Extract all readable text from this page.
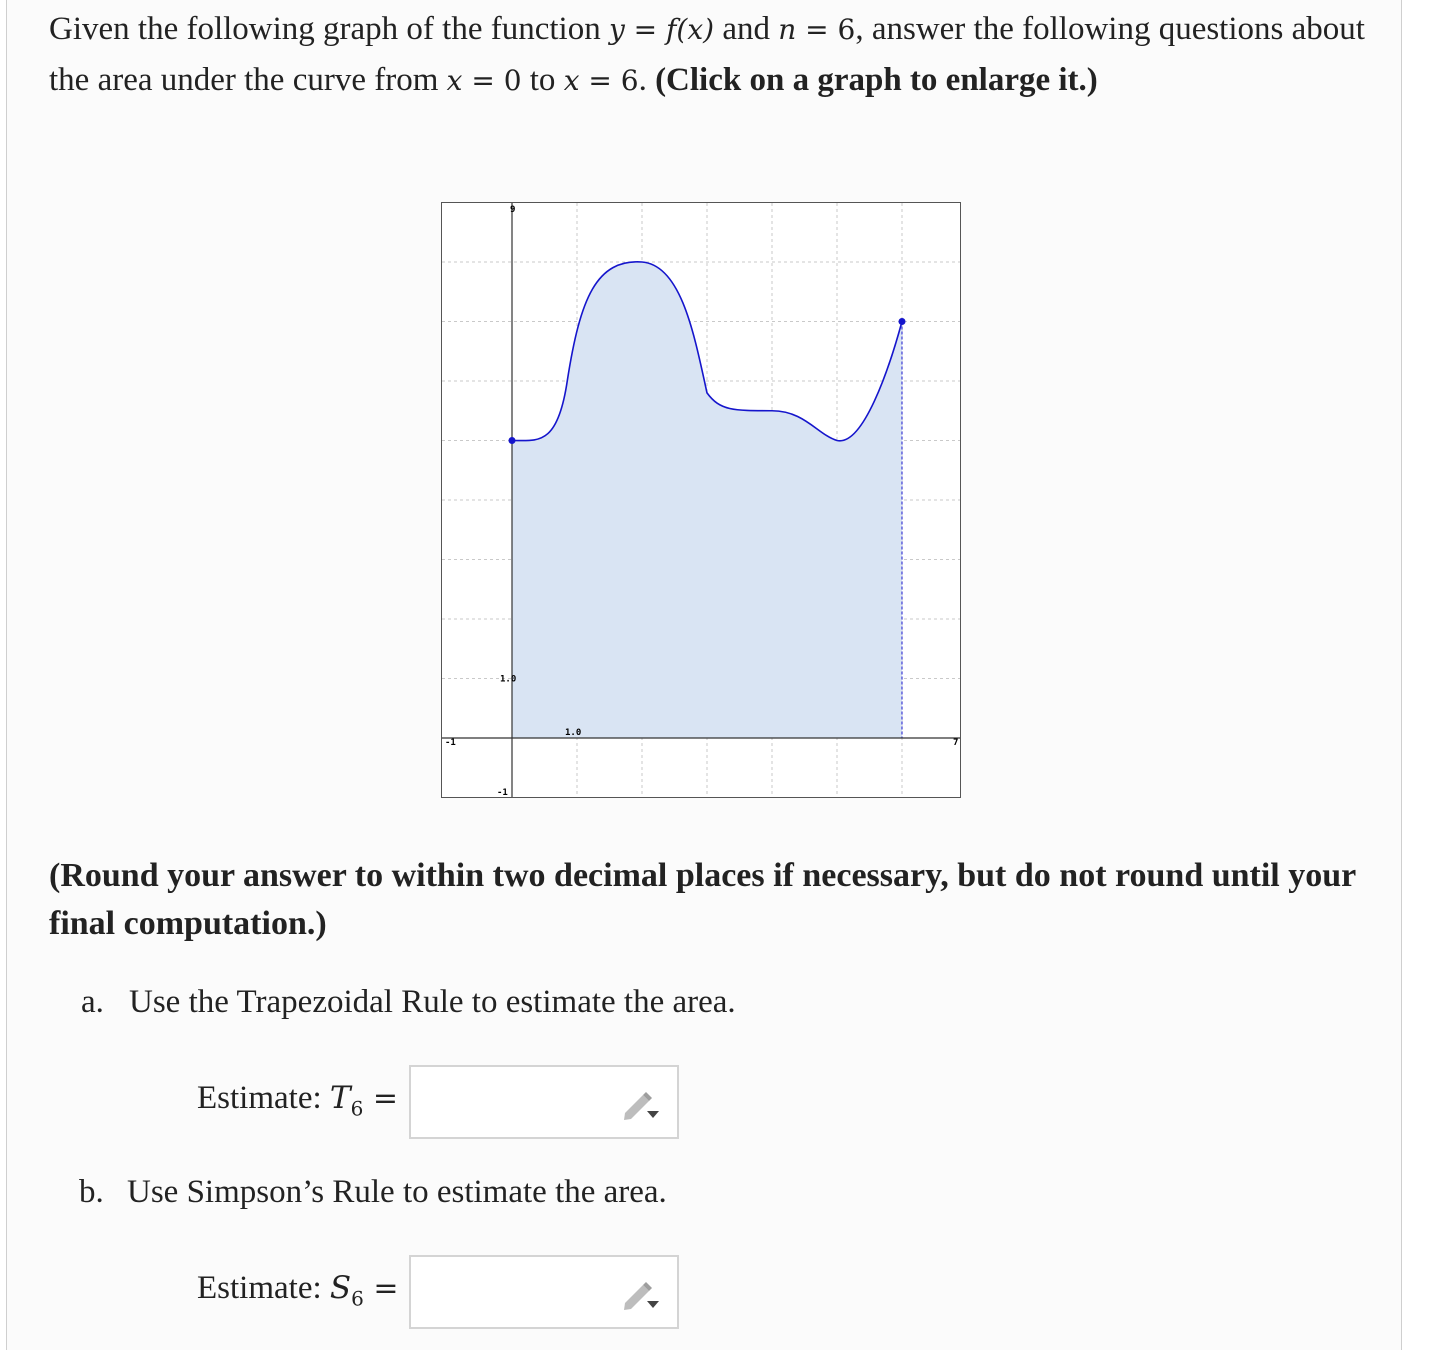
Given the following graph of the function y = f(x) and n = 6, answer the following questions about the area under the curve from x = 0 to x = 6. (Click on a graph to enlarge it.)
-1	7
9
-1
1.0
1.0
(Round your answer to within two decimal places if necessary, but do not round until your final computation.)
a. Use the Trapezoidal Rule to estimate the area.
Estimate: $T_6$ =
b. Use Simpson’s Rule to estimate the area.
Estimate: $S_6$ =
